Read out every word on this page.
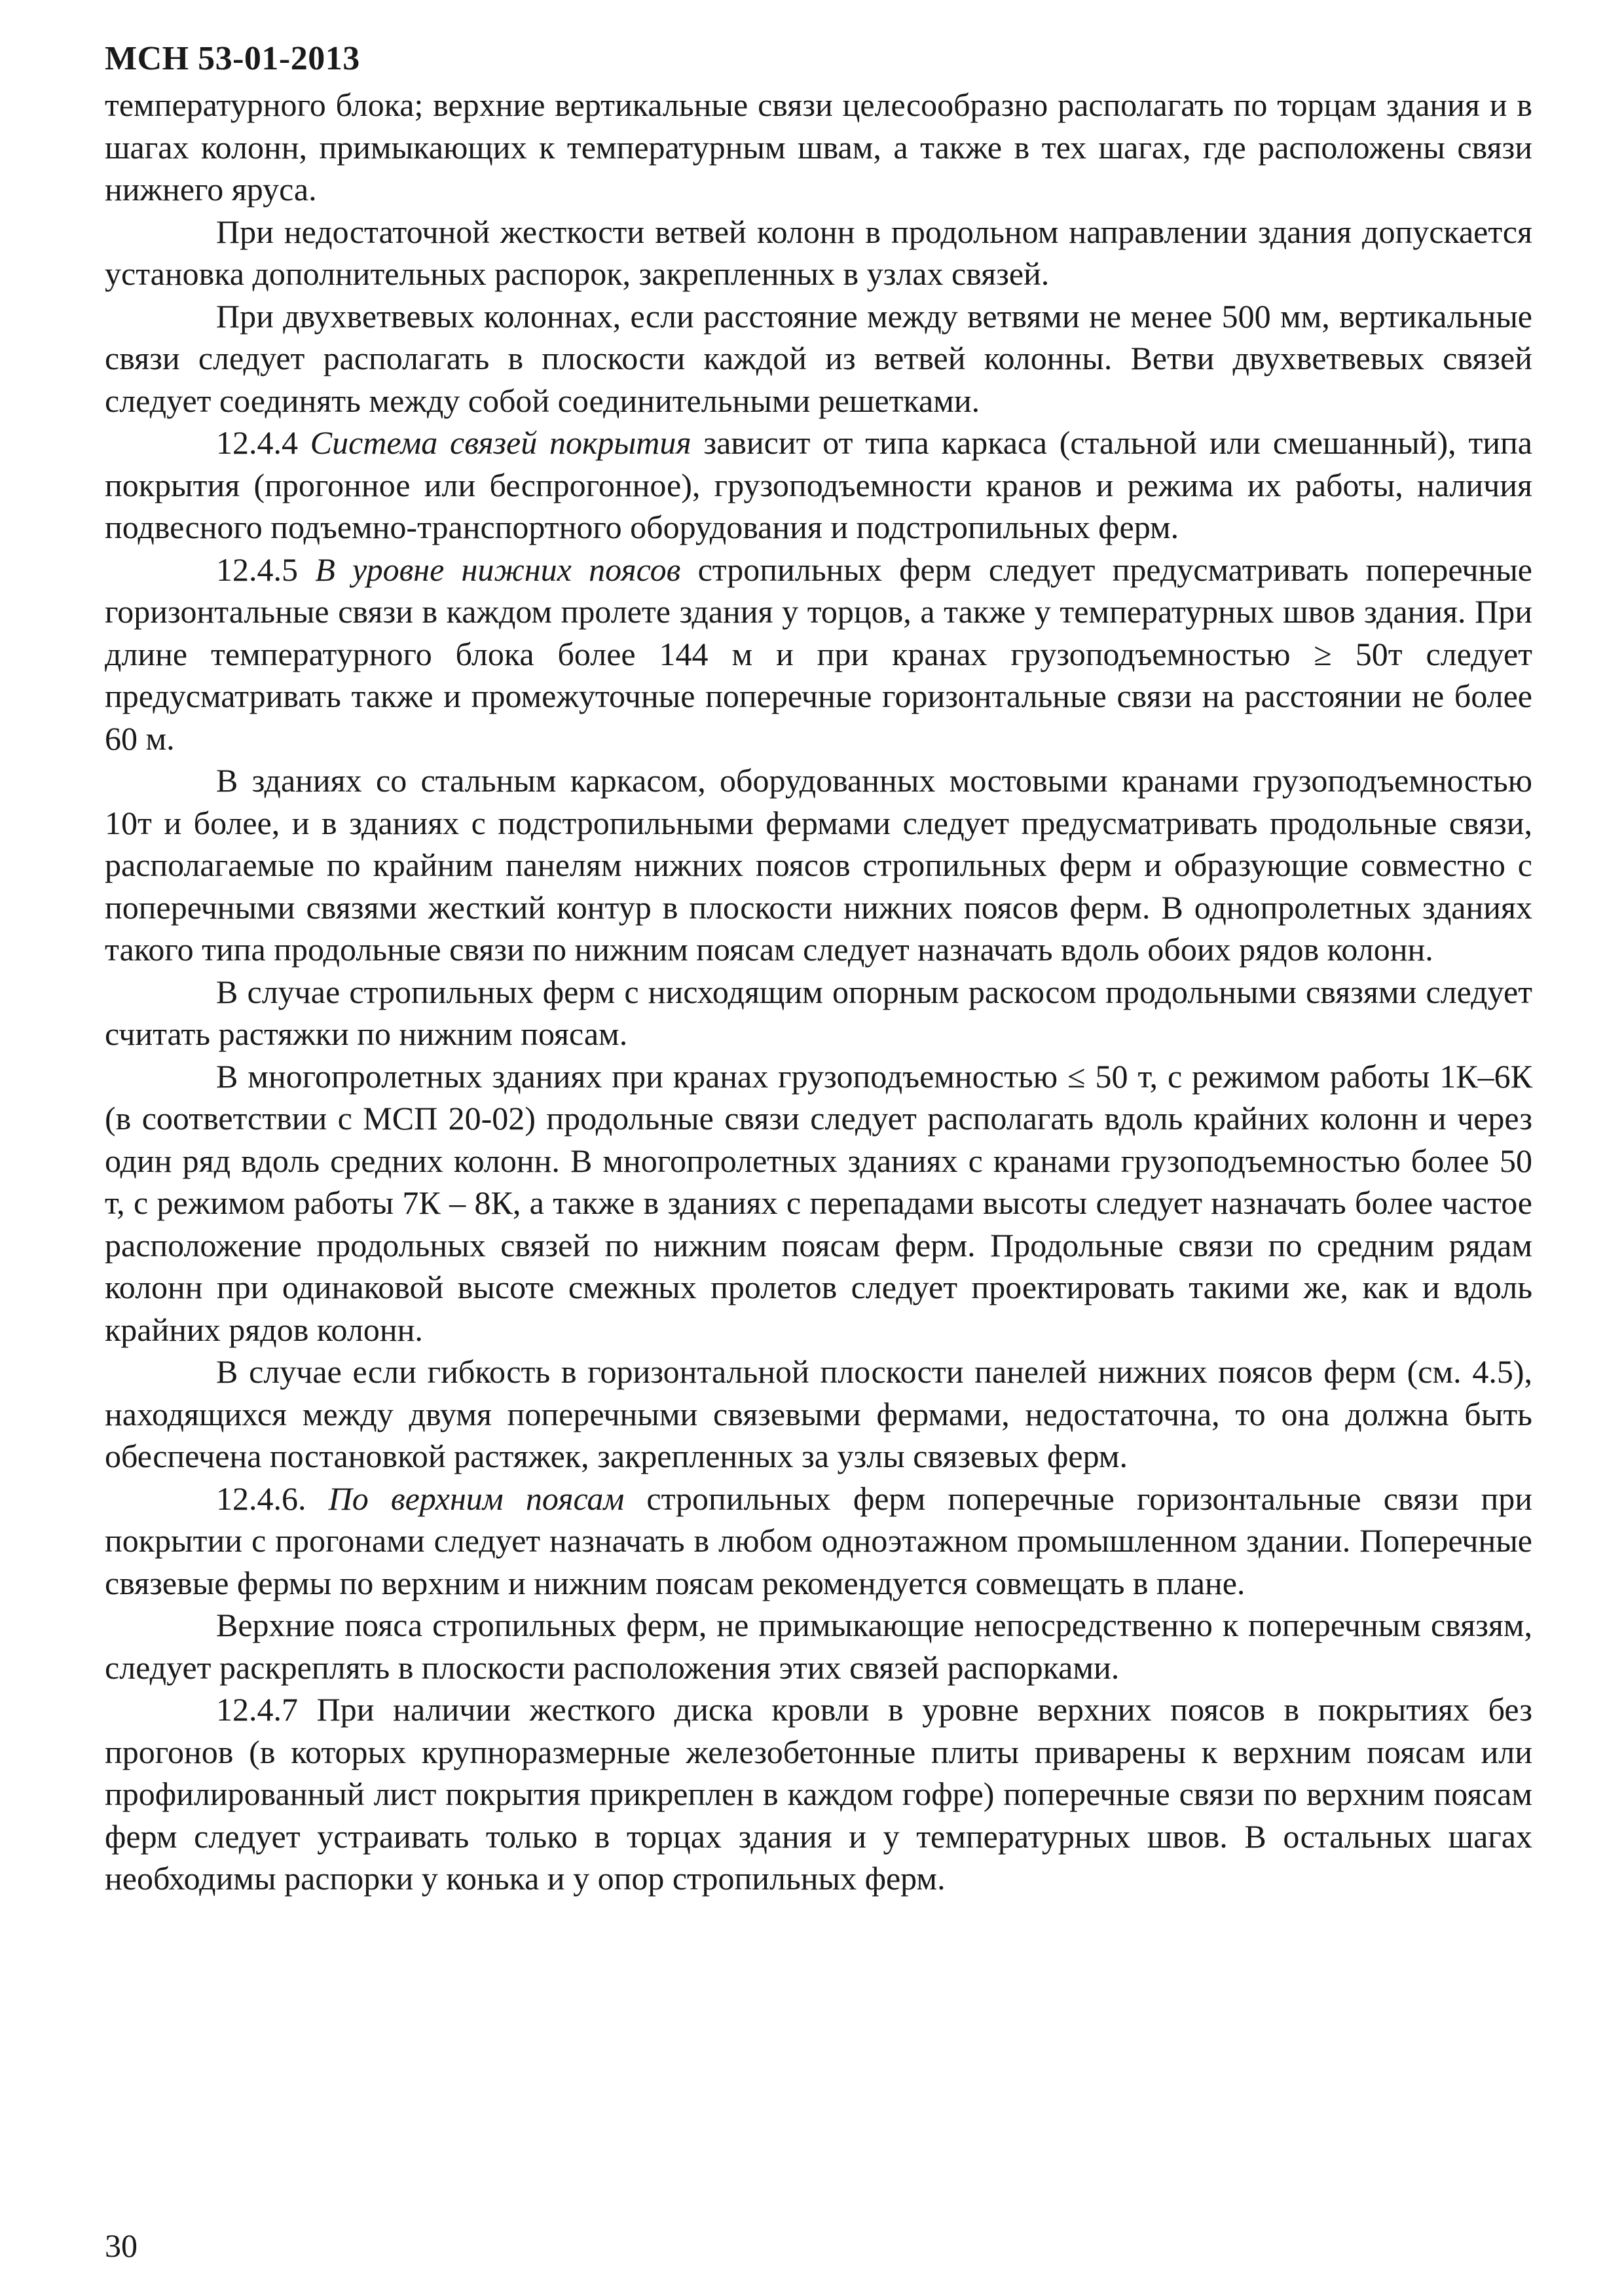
МСН 53-01-2013

температурного блока; верхние вертикальные связи целесообразно располагать по торцам здания и в шагах колонн, примыкающих к температурным швам, а также в тех шагах, где расположены связи нижнего яруса.

При недостаточной жесткости ветвей колонн в продольном направлении здания допускается установка дополнительных распорок, закрепленных в узлах связей.

При двухветвевых колоннах, если расстояние между ветвями не менее 500 мм, вертикальные связи следует располагать в плоскости каждой из ветвей колонны. Ветви двухветвевых связей следует соединять между собой соединительными решетками.

12.4.4 Система связей покрытия зависит от типа каркаса (стальной или смешанный), типа покрытия (прогонное или беспрогонное), грузоподъемности кранов и режима их работы, наличия подвесного подъемно-транспортного оборудования и подстропильных ферм.

12.4.5 В уровне нижних поясов стропильных ферм следует предусматривать поперечные горизонтальные связи в каждом пролете здания у торцов, а также у температурных швов здания. При длине температурного блока более 144 м и при кранах грузоподъемностью ≥ 50т следует предусматривать также и промежуточные поперечные горизонтальные связи на расстоянии не более 60 м.

В зданиях со стальным каркасом, оборудованных мостовыми кранами грузоподъемностью 10т и более, и в зданиях с подстропильными фермами следует предусматривать продольные связи, располагаемые по крайним панелям нижних поясов стропильных ферм и образующие совместно с поперечными связями жесткий контур в плоскости нижних поясов ферм. В однопролетных зданиях такого типа продольные связи по нижним поясам следует назначать вдоль обоих рядов колонн.

В случае стропильных ферм с нисходящим опорным раскосом продольными связями следует считать растяжки по нижним поясам.

В многопролетных зданиях при кранах грузоподъемностью ≤ 50 т, с режимом работы 1К–6К (в соответствии с МСП 20-02) продольные связи следует располагать вдоль крайних колонн и через один ряд вдоль средних колонн. В многопролетных зданиях с кранами грузоподъемностью более 50 т, с режимом работы 7К – 8К, а также в зданиях с перепадами высоты следует назначать более частое расположение продольных связей по нижним поясам ферм. Продольные связи по средним рядам колонн при одинаковой высоте смежных пролетов следует проектировать такими же, как и вдоль крайних рядов колонн.

В случае если гибкость в горизонтальной плоскости панелей нижних поясов ферм (см. 4.5), находящихся между двумя поперечными связевыми фермами, недостаточна, то она должна быть обеспечена постановкой растяжек, закрепленных за узлы связевых ферм.

12.4.6. По верхним поясам стропильных ферм поперечные горизонтальные связи при покрытии с прогонами следует назначать в любом одноэтажном промышленном здании. Поперечные связевые фермы по верхним и нижним поясам рекомендуется совмещать в плане.

Верхние пояса стропильных ферм, не примыкающие непосредственно к поперечным связям, следует раскреплять в плоскости расположения этих связей распорками.

12.4.7 При наличии жесткого диска кровли в уровне верхних поясов в покрытиях без прогонов (в которых крупноразмерные железобетонные плиты приварены к верхним поясам или профилированный лист покрытия прикреплен в каждом гофре) поперечные связи по верхним поясам ферм следует устраивать только в торцах здания и у температурных швов. В остальных шагах необходимы распорки у конька и у опор стропильных ферм.

30
